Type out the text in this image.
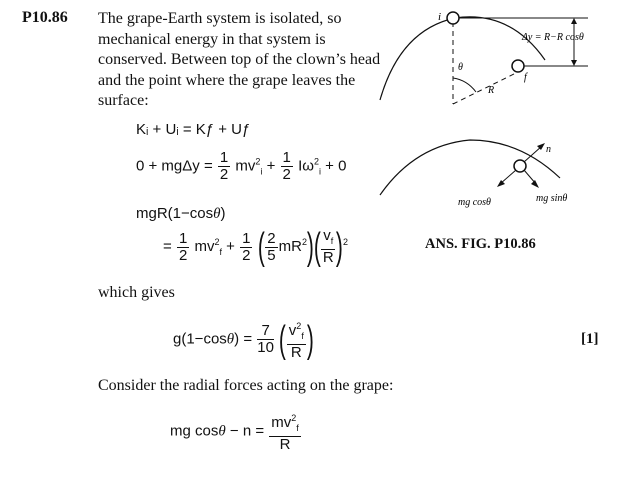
P10.86 The grape-Earth system is isolated, so mechanical energy in that system is conserved. Between top of the clown’s head and the point where the grape leaves the surface:
i
θ
R
f
Δy = R−R cosθ
n
mg cosθ	mg sinθ
ANS. FIG. P10.86
Kᵢ + Uᵢ = Kƒ + Uƒ
$0 + mg\Delta y = \frac{1}{2} mv^2_i + \frac{1}{2} I\omega^2_i + 0$
mgR(1−cosθ)
= $\frac{1}{2} mv^2_f + \frac{1}{2}$ ( $\frac{2}{5} mR^2)( \frac{v_f}{R} )^2$
which gives
$g(1-\cos\theta) = \frac{7}{10}$ ( $\frac{v^2_f}{R}$ )	[1]
Consider the radial forces acting on the grape:
mg $\cos\theta - n = \frac{mv^2_f}{R}$
